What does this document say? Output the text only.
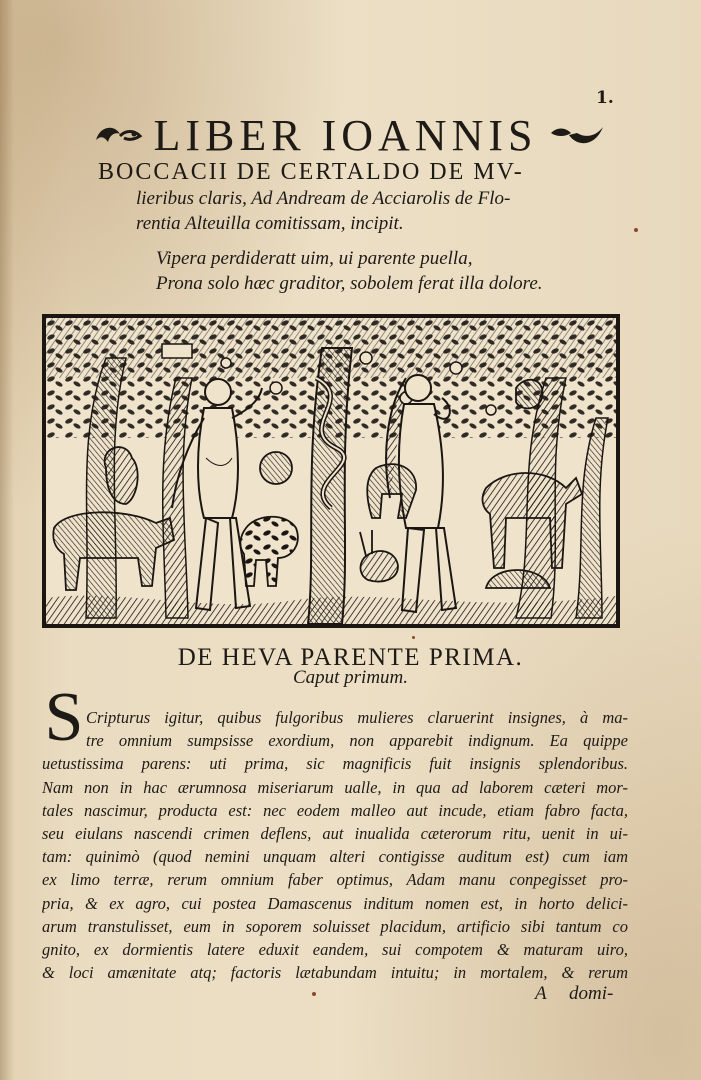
1.
LIBER IOANNIS
BOCCACII DE CERTALDO DE MV-
lieribus claris, Ad Andream de Acciarolis de Flo-
rentia Alteuilla comitissam, incipit.
Vipera perdideratt uim, ui parente puella,
Prona solo hæc graditor, sobolem ferat illa dolore.
DE HEVA PARENTE PRIMA.
Caput primum.
S Cripturus igitur, quibus fulgoribus mulieres claruerint insignes, à ma-
tre omnium sumpsisse exordium, non apparebit indignum. Ea quippe
uetustissima parens: uti prima, sic magnificis fuit insignis splendoribus.
Nam non in hac ærumnosa miseriarum ualle, in qua ad laborem cæteri mor-
tales nascimur, producta est: nec eodem malleo aut incude, etiam fabro facta,
seu eiulans nascendi crimen deflens, aut inualida cæterorum ritu, uenit in ui-
tam: quinimò (quod nemini unquam alteri contigisse auditum est) cum iam
ex limo terræ, rerum omnium faber optimus, Adam manu conpegisset pro-
pria, & ex agro, cui postea Damascenus inditum nomen est, in horto delici-
arum transtulisset, eum in soporem soluisset placidum, artificio sibi tantum co
gnito, ex dormientis latere eduxit eandem, sui compotem & maturam uiro,
& loci amænitate atq; factoris lætabundam intuitu; in mortalem, & rerum
A domi-
